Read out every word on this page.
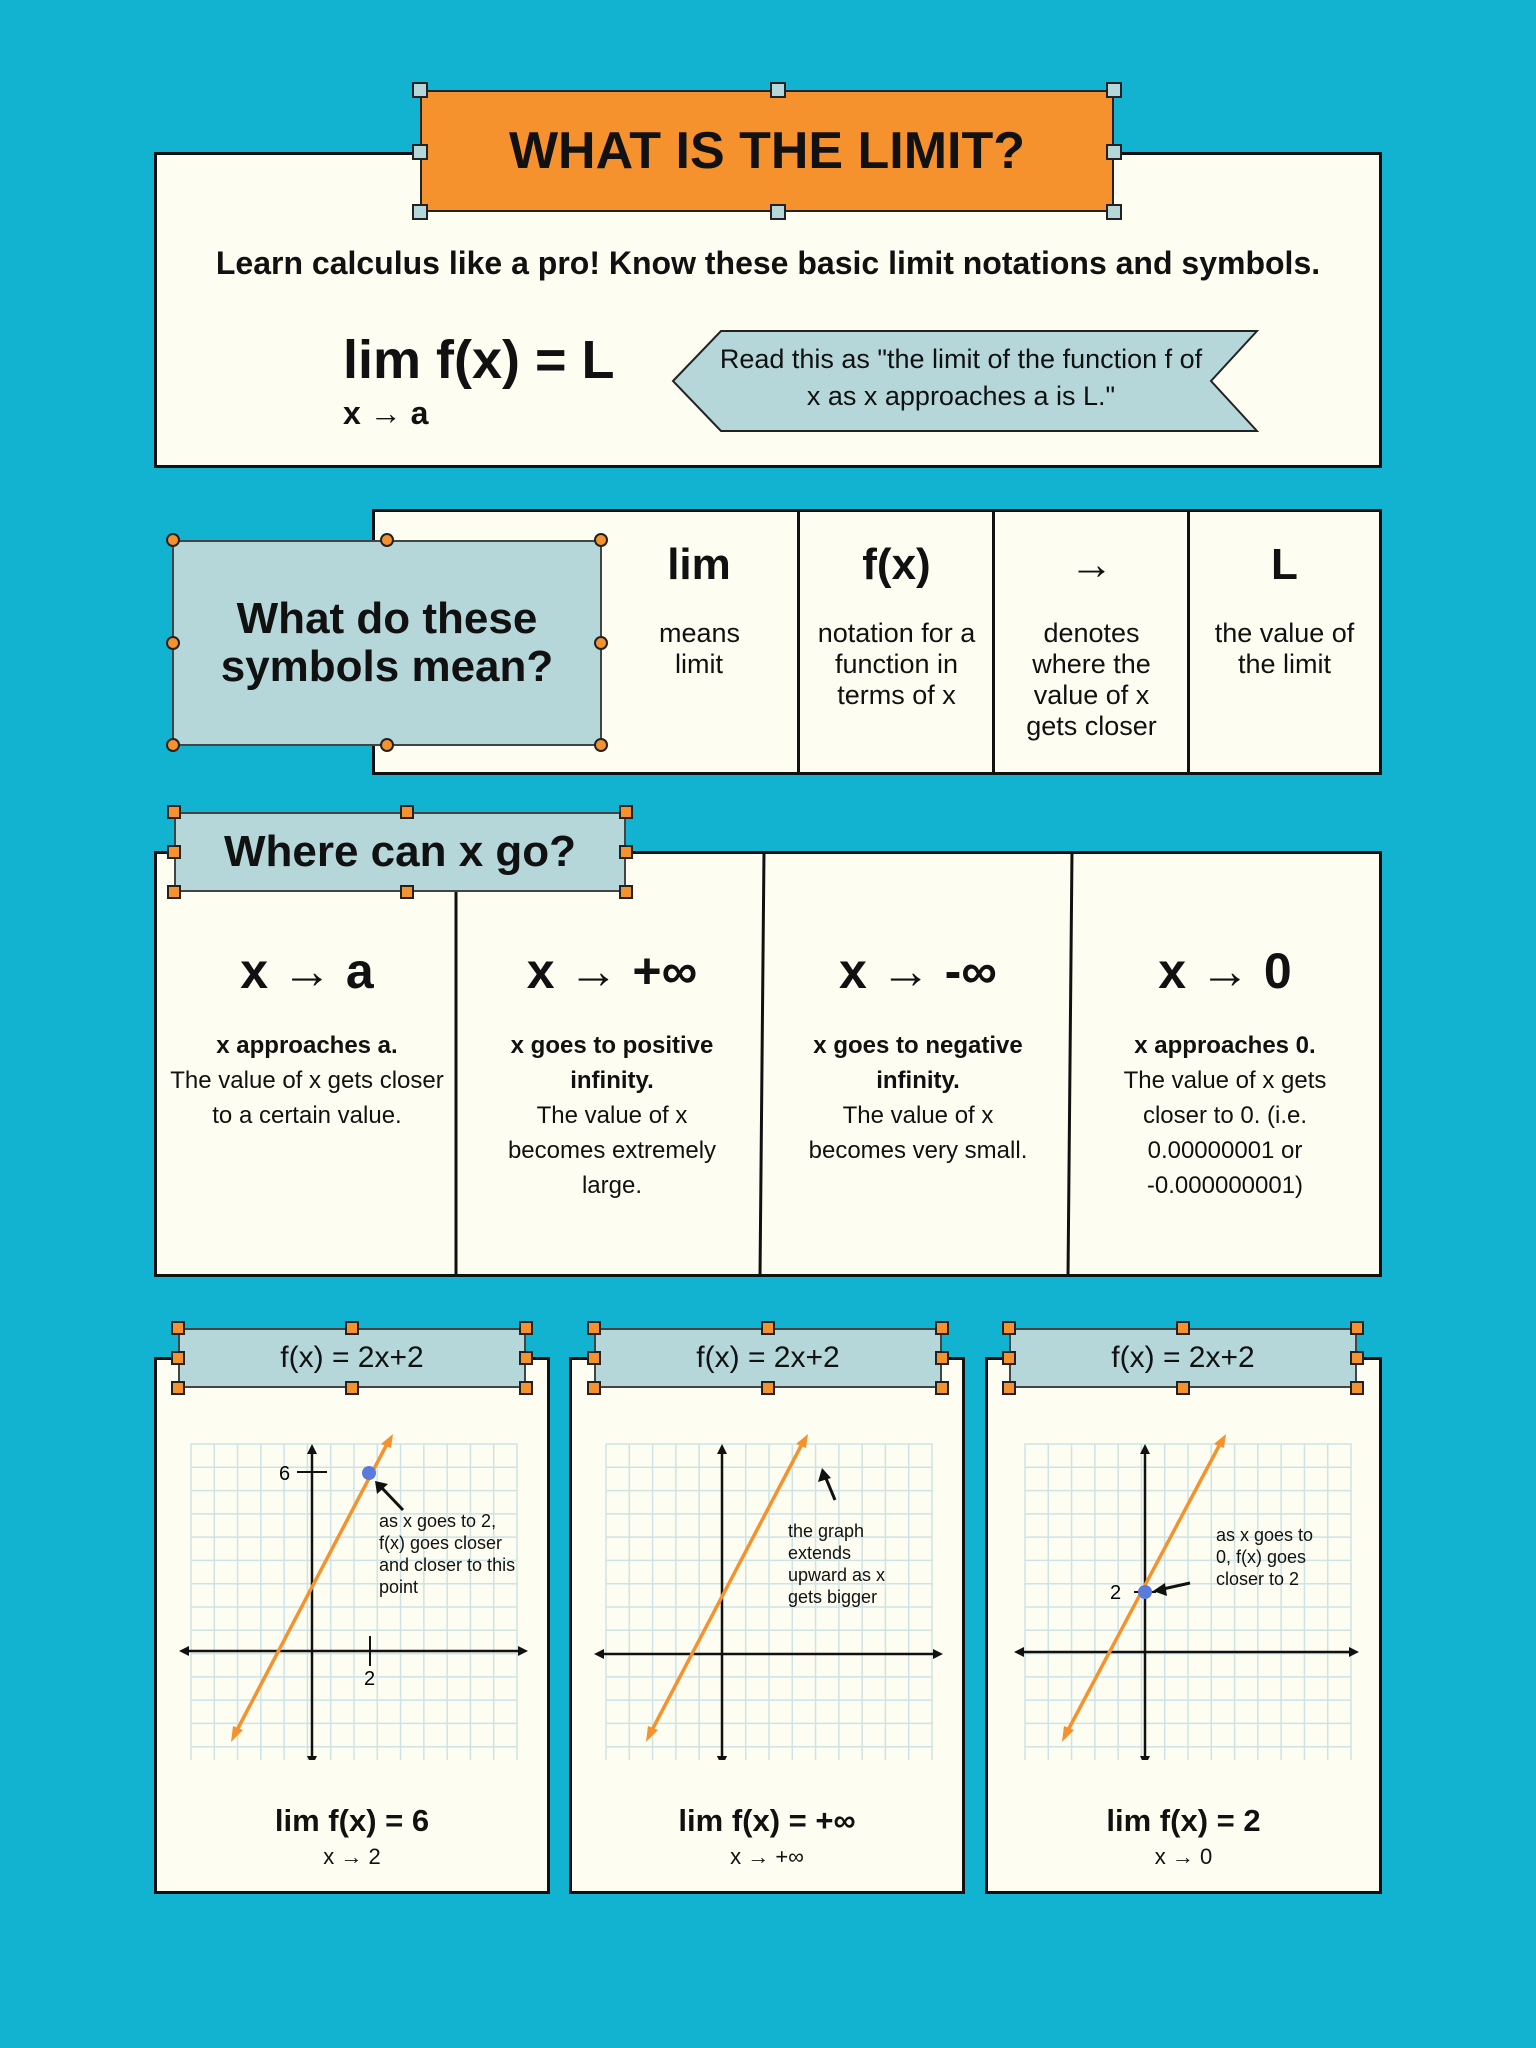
Learn calculus like a pro! Know these basic limit notations and symbols.
lim f(x) = L
x → a
Read this as "the limit of the function f of x as x approaches a is L."
WHAT IS THE LIMIT?
lim
means limit
f(x)
notation for a function in terms of x
→
denotes where the value of x gets closer
L
the value of the limit
What do these symbols mean?
x → a
x approaches a.
The value of x gets closer to a certain value.
x → +∞
x goes to positive infinity.
The value of x becomes extremely large.
x → -∞
x goes to negative infinity.
The value of x becomes very small.
x → 0
x approaches 0.
The value of x gets closer to 0. (i.e. 0.00000001 or -0.000000001)
Where can x go?
6
2
as x goes to 2, f(x) goes closer and closer to this point
lim f(x) = 6
x → 2
f(x) = 2x+2
the graph extends upward as x gets bigger
lim f(x) = +∞
x → +∞
f(x) = 2x+2
2
as x goes to 0, f(x) goes closer to 2
lim f(x) = 2
x → 0
f(x) = 2x+2
